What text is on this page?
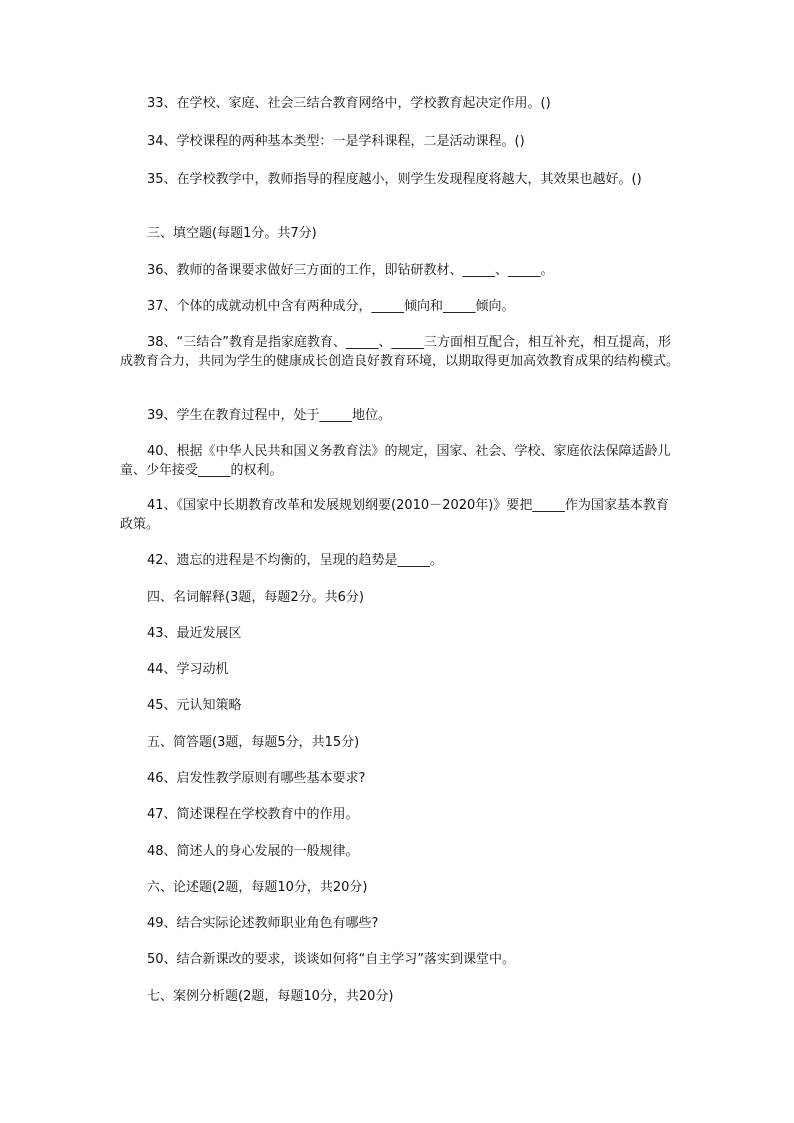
33、在学校、家庭、社会三结合教育网络中，学校教育起决定作用。()

34、学校课程的两种基本类型：一是学科课程，二是活动课程。()

35、在学校教学中，教师指导的程度越小，则学生发现程度将越大，其效果也越好。()

三、填空题(每题1分。共7分)

36、教师的备课要求做好三方面的工作，即钻研教材、_____、_____。

37、个体的成就动机中含有两种成分，_____倾向和_____倾向。

38、“三结合”教育是指家庭教育、_____、_____三方面相互配合，相互补充，相互提高，形成教育合力，共同为学生的健康成长创造良好教育环境，以期取得更加高效教育成果的结构模式。

39、学生在教育过程中，处于_____地位。

40、根据《中华人民共和国义务教育法》的规定，国家、社会、学校、家庭依法保障适龄儿童、少年接受_____的权利。

41、《国家中长期教育改革和发展规划纲要(2010－2020年)》要把_____作为国家基本教育政策。

42、遗忘的进程是不均衡的，呈现的趋势是_____。

四、名词解释(3题，每题2分。共6分)

43、最近发展区

44、学习动机

45、元认知策略

五、简答题(3题，每题5分，共15分)

46、启发性教学原则有哪些基本要求?

47、简述课程在学校教育中的作用。

48、简述人的身心发展的一般规律。

六、论述题(2题，每题10分，共20分)

49、结合实际论述教师职业角色有哪些?

50、结合新课改的要求，谈谈如何将“自主学习”落实到课堂中。

七、案例分析题(2题，每题10分，共20分)
